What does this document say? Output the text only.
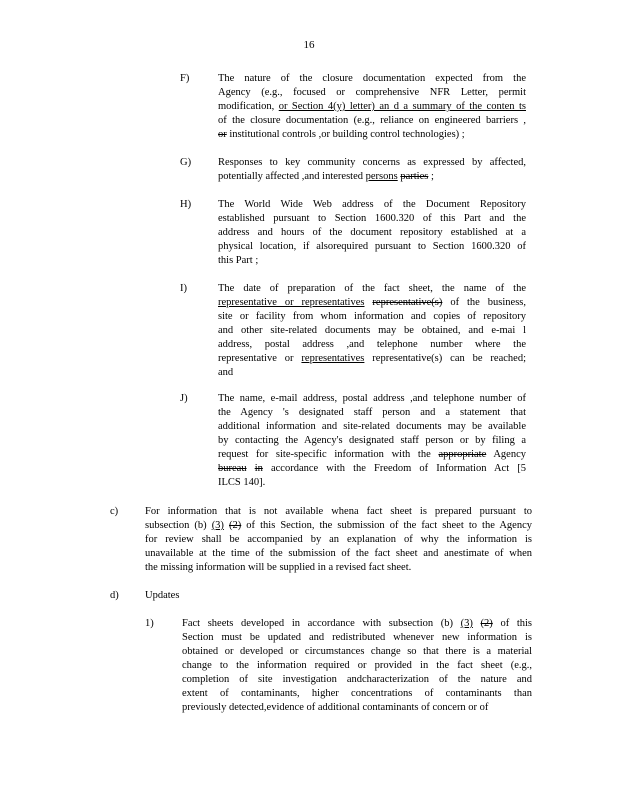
16
F)	The nature of the closure documentation expected from the
Agency (e.g., focused or comprehensive NFR Letter, permit
modification, or Section 4(y) letter) an d a summary of the conten ts
of the closure documentation (e.g., reliance on engineered barriers ,
or institutional controls ,or building control technologies) ;
G)	Responses to key community concerns as expressed by affected,
potentially affected ,and interested persons parties ;
H)	The World Wide Web address of the Document Repository
established pursuant to Section 1600.320 of this Part and the
address and hours of the document repository established at a
physical location, if alsorequired pursuant to Section 1600.320 of
this Part ;
I)	The date of preparation of the fact sheet, the name of the
representative or representatives representative(s) of the business,
site or facility from whom information and copies of repository
and other site-related documents may be obtained, and e-mai l
address, postal address ,and telephone number where the
representative or representatives representative(s) can be reached;
and
J)	The name, e-mail address, postal address ,and telephone number of
the Agency 's designated staff person and a statement that
additional information and site-related documents may be available
by contacting the Agency's designated staff person or by filing a
request for site-specific information with the appropriate Agency
bureau in accordance with the Freedom of Information Act [5
ILCS 140].
c)	For information that is not available whena fact sheet is prepared pursuant to
subsection (b) (3) (2) of this Section, the submission of the fact sheet to the Agency
for review shall be accompanied by an explanation of why the information is
unavailable at the time of the submission of the fact sheet and anestimate of when
the missing information will be supplied in a revised fact sheet.
d)	Updates
1)	Fact sheets developed in accordance with subsection (b) (3) (2) of this
Section must be updated and redistributed whenever new information is
obtained or developed or circumstances change so that there is a material
change to the information required or provided in the fact sheet (e.g.,
completion of site investigation andcharacterization of the nature and
extent of contaminants, higher concentrations of contaminants than
previously detected,evidence of additional contaminants of concern or of
